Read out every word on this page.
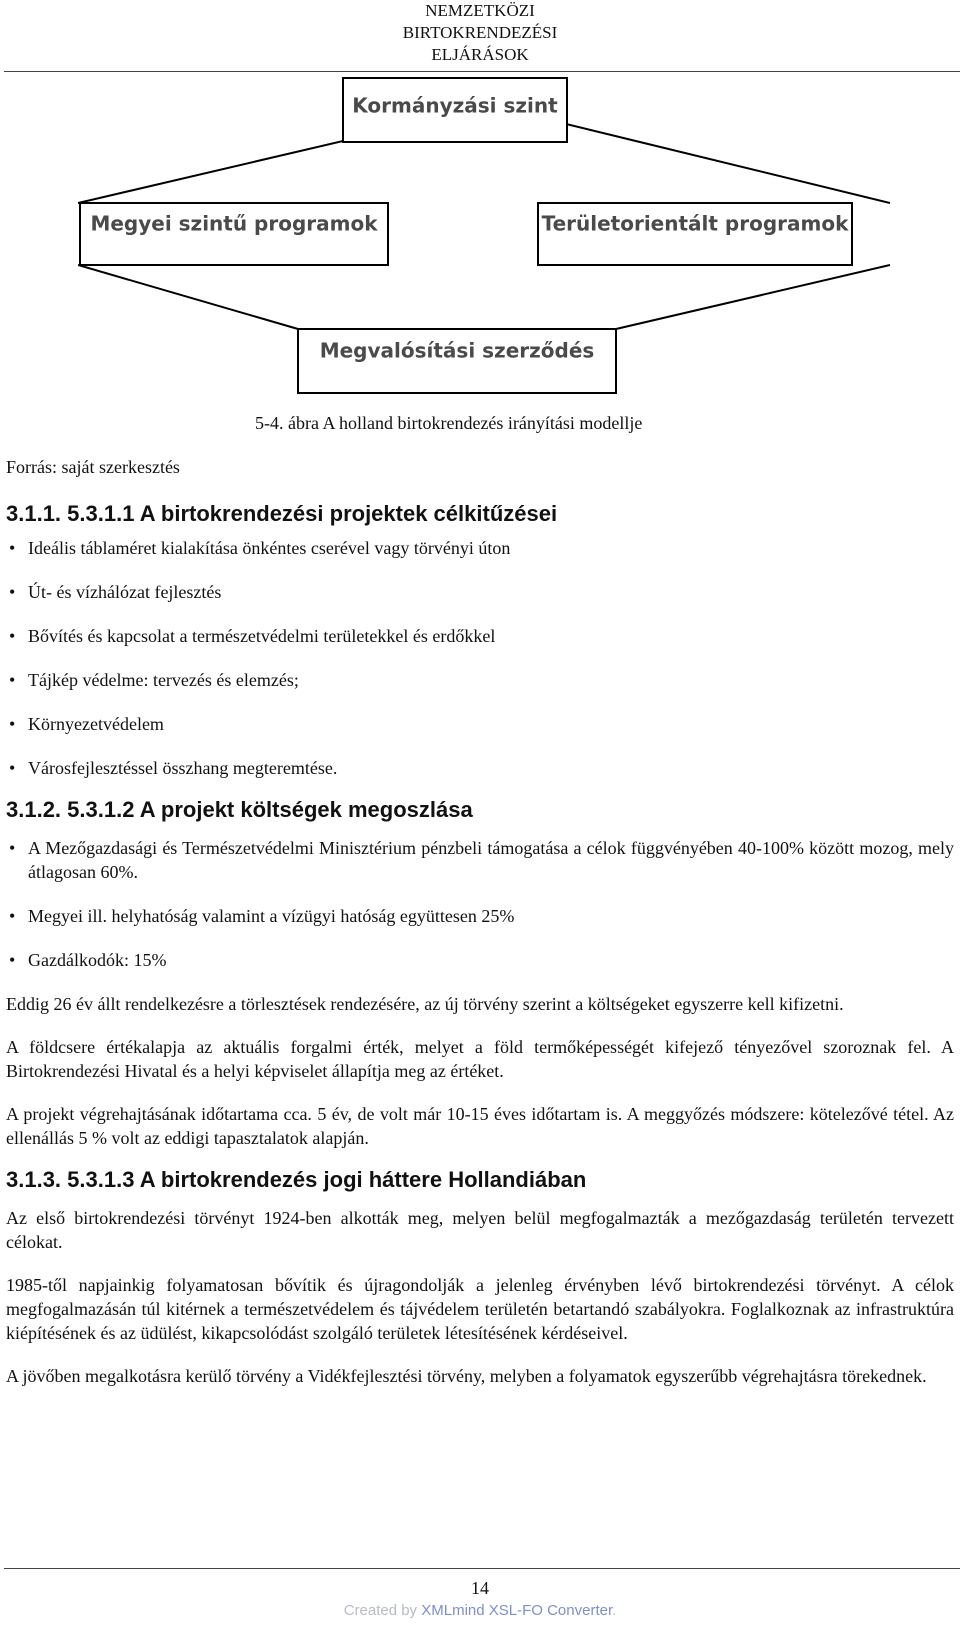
NEMZETKÖZI
BIRTOKRENDEZÉSI
ELJÁRÁSOK
Kormányzási szint
Megyei szintű programok	Területorientált programok
Megvalósítási szerződés
5-4. ábra A holland birtokrendezés irányítási modellje
Forrás: saját szerkesztés
3.1.1. 5.3.1.1 A birtokrendezési projektek célkitűzései
• Ideális táblaméret kialakítása önkéntes cserével vagy törvényi úton
• Út- és vízhálózat fejlesztés
• Bővítés és kapcsolat a természetvédelmi területekkel és erdőkkel
• Tájkép védelme: tervezés és elemzés;
• Környezetvédelem
• Városfejlesztéssel összhang megteremtése.
3.1.2. 5.3.1.2 A projekt költségek megoszlása
• A Mezőgazdasági és Természetvédelmi Minisztérium pénzbeli támogatása a célok függvényében 40-100% között mozog, mely átlagosan 60%.
• Megyei ill. helyhatóság valamint a vízügyi hatóság együttesen 25%
• Gazdálkodók: 15%

Eddig 26 év állt rendelkezésre a törlesztések rendezésére, az új törvény szerint a költségeket egyszerre kell kifizetni.

A földcsere értékalapja az aktuális forgalmi érték, melyet a föld termőképességét kifejező tényezővel szoroznak fel. A Birtokrendezési Hivatal és a helyi képviselet állapítja meg az értéket.

A projekt végrehajtásának időtartama cca. 5 év, de volt már 10-15 éves időtartam is. A meggyőzés módszere: kötelezővé tétel. Az ellenállás 5 % volt az eddigi tapasztalatok alapján.

3.1.3. 5.3.1.3 A birtokrendezés jogi háttere Hollandiában

Az első birtokrendezési törvényt 1924-ben alkották meg, melyen belül megfogalmazták a mezőgazdaság területén tervezett célokat.

1985-től napjainkig folyamatosan bővítik és újragondolják a jelenleg érvényben lévő birtokrendezési törvényt. A célok megfogalmazásán túl kitérnek a természetvédelem és tájvédelem területén betartandó szabályokra. Foglalkoznak az infrastruktúra kiépítésének és az üdülést, kikapcsolódást szolgáló területek létesítésének kérdéseivel.

A jövőben megalkotásra kerülő törvény a Vidékfejlesztési törvény, melyben a folyamatok egyszerűbb végrehajtásra törekednek.

14
Created by XMLmind XSL-FO Converter.
